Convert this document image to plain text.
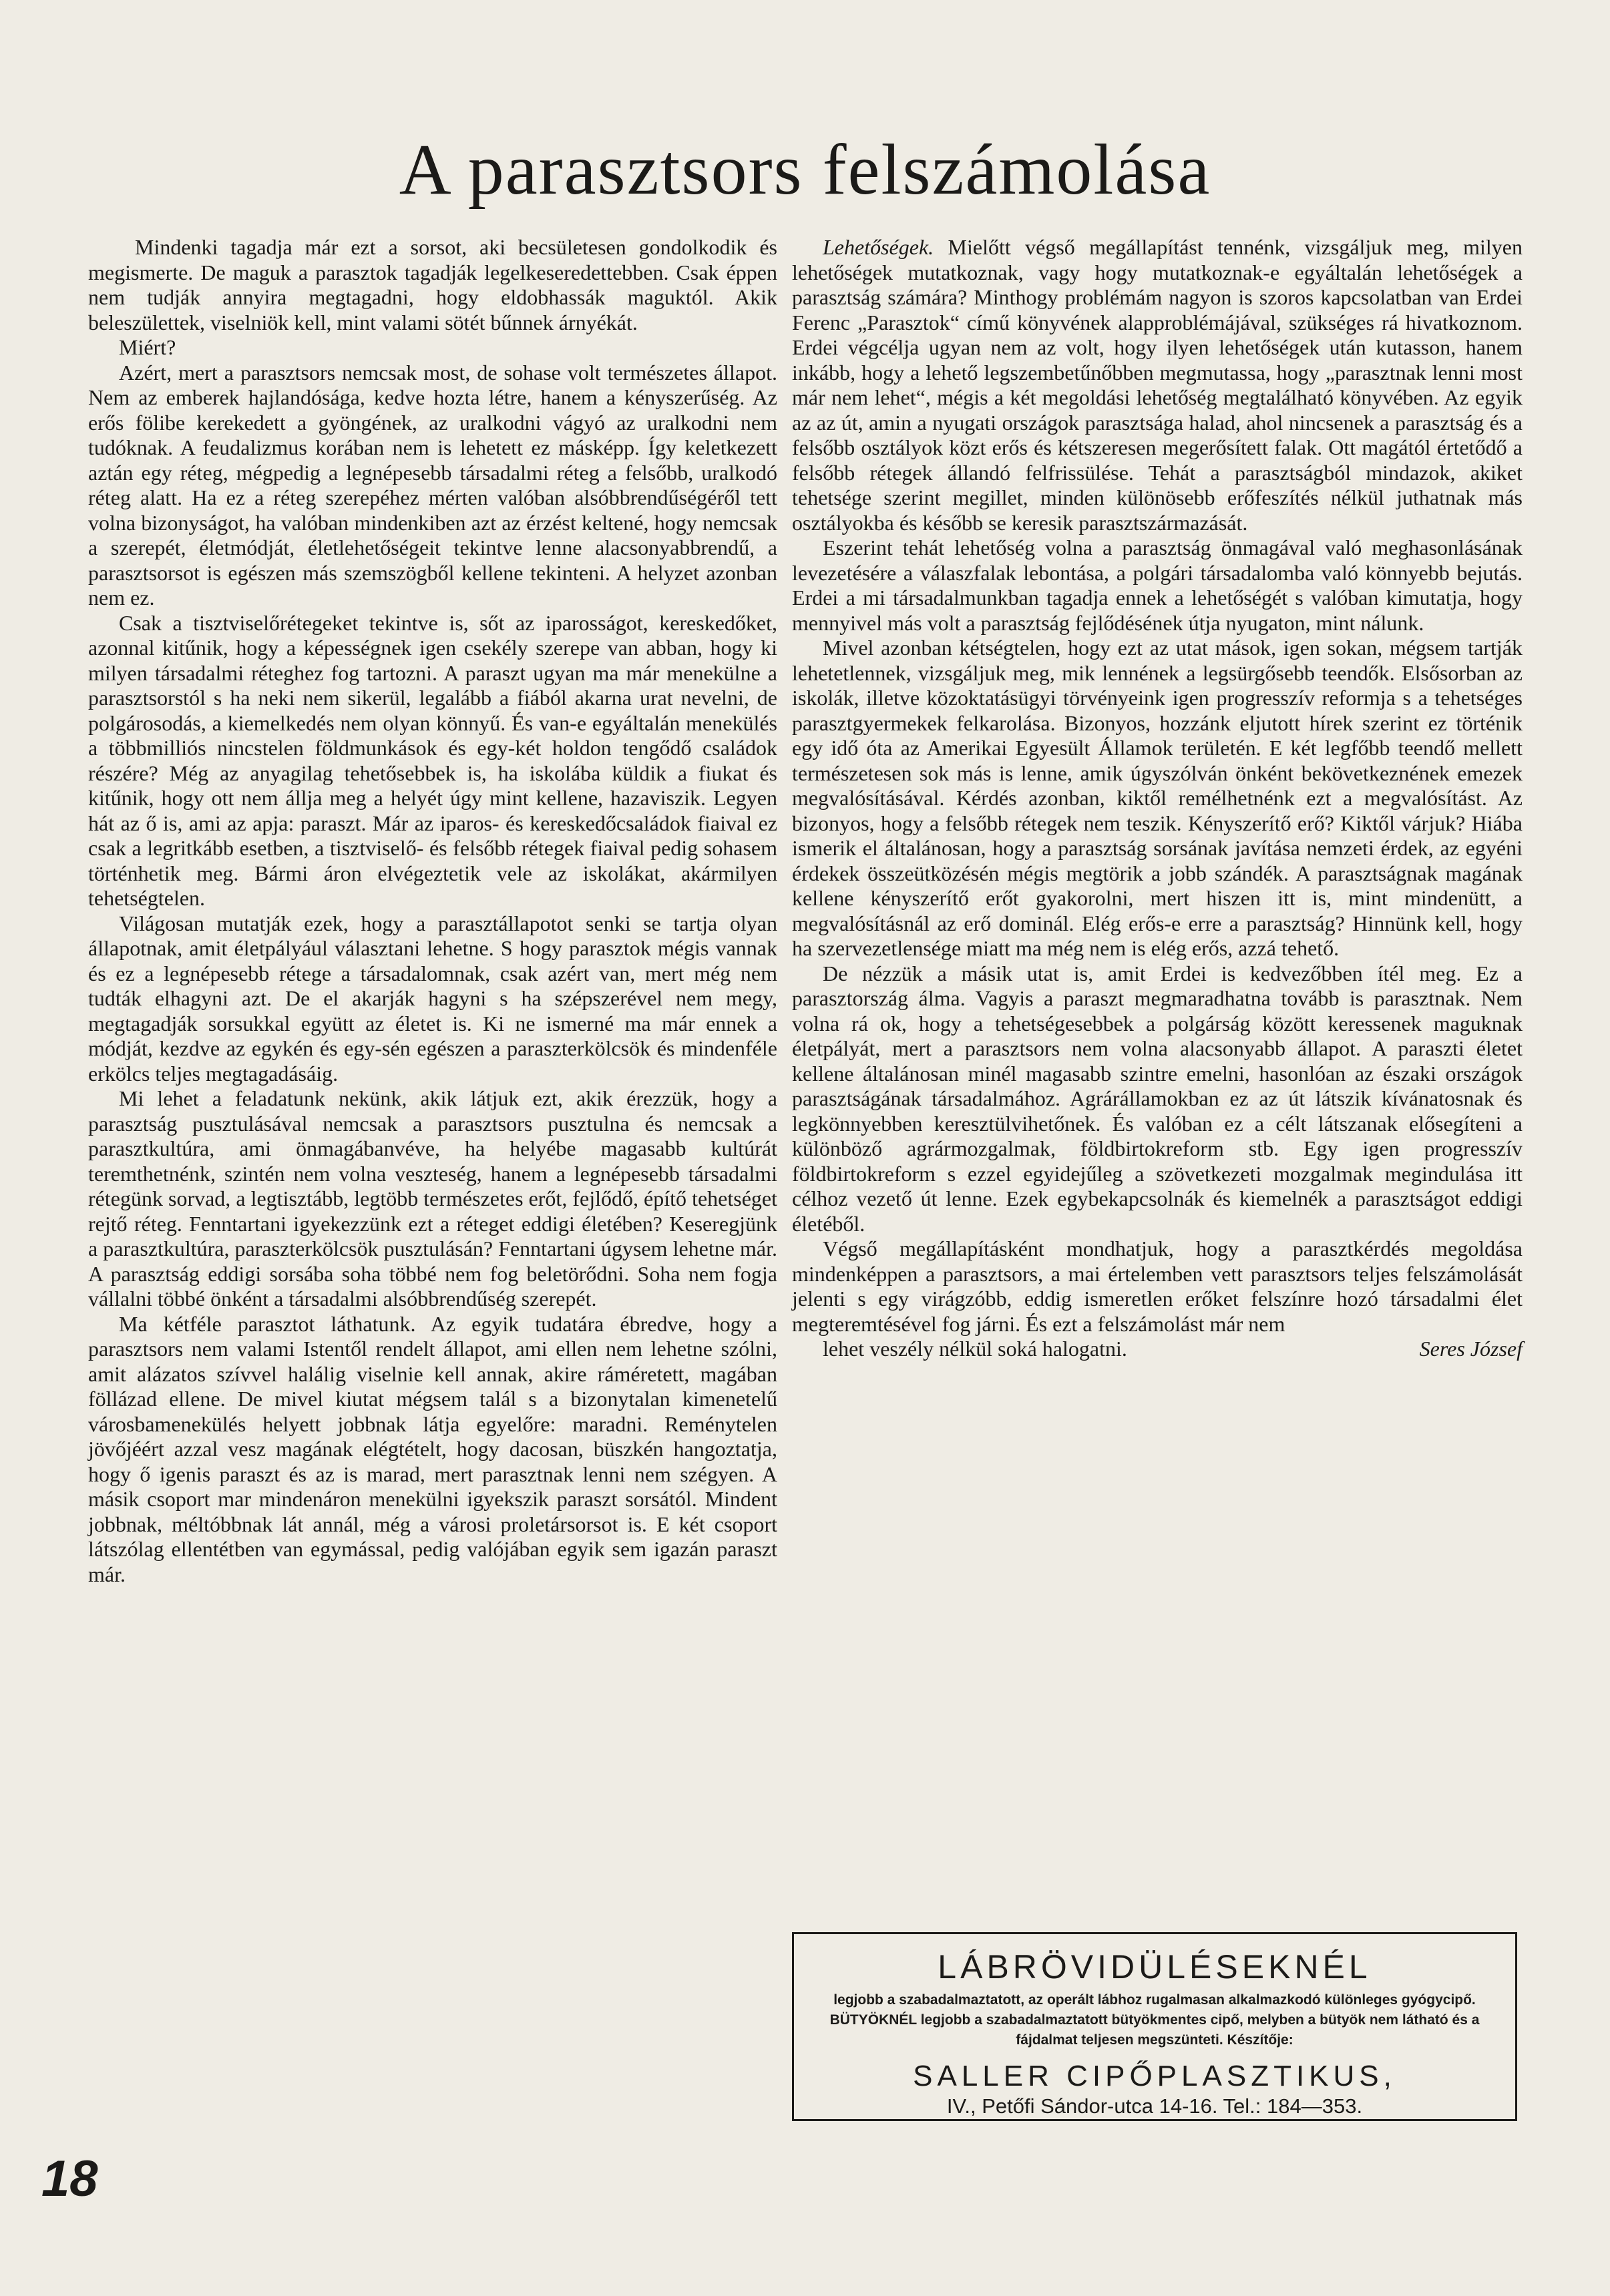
A parasztsors felszámolása

Mindenki tagadja már ezt a sorsot, aki becsületesen gondolkodik és megismerte. De maguk a parasztok tagadják legelkeseredettebben. Csak éppen nem tudják annyira megtagadni, hogy eldobhassák maguktól. Akik beleszülettek, viselniök kell, mint valami sötét bűnnek árnyékát.

Miért?

Azért, mert a parasztsors nemcsak most, de sohase volt természetes állapot. Nem az emberek hajlandósága, kedve hozta létre, hanem a kényszerűség. Az erős fölibe kerekedett a gyöngének, az uralkodni vágyó az uralkodni nem tudóknak. A feudalizmus korában nem is lehetett ez másképp. Így keletkezett aztán egy réteg, mégpedig a legnépesebb társadalmi réteg a felsőbb, uralkodó réteg alatt. Ha ez a réteg szerepéhez mérten valóban alsóbbrendűségéről tett volna bizonyságot, ha valóban mindenkiben azt az érzést keltené, hogy nemcsak a szerepét, életmódját, életlehetőségeit tekintve lenne alacsonyabbrendű, a parasztsorsot is egészen más szemszögből kellene tekinteni. A helyzet azonban nem ez.

Csak a tisztviselőrétegeket tekintve is, sőt az iparosságot, kereskedőket, azonnal kitűnik, hogy a képességnek igen csekély szerepe van abban, hogy ki milyen társadalmi réteghez fog tartozni. A paraszt ugyan ma már menekülne a parasztsorstól s ha neki nem sikerül, legalább a fiából akarna urat nevelni, de polgárosodás, a kiemelkedés nem olyan könnyű. És van-e egyáltalán menekülés a többmilliós nincstelen földmunkások és egy-két holdon tengődő családok részére? Még az anyagilag tehetősebbek is, ha iskolába küldik a fiukat és kitűnik, hogy ott nem állja meg a helyét úgy mint kellene, hazaviszik. Legyen hát az ő is, ami az apja: paraszt. Már az iparos- és kereskedőcsaládok fiaival ez csak a legritkább esetben, a tisztviselő- és felsőbb rétegek fiaival pedig sohasem történhetik meg. Bármi áron elvégeztetik vele az iskolákat, akármilyen tehetségtelen.

Világosan mutatják ezek, hogy a parasztállapotot senki se tartja olyan állapotnak, amit életpályául választani lehetne. S hogy parasztok mégis vannak és ez a legnépesebb rétege a társadalomnak, csak azért van, mert még nem tudták elhagyni azt. De el akarják hagyni s ha szépszerével nem megy, megtagadják sorsukkal együtt az életet is. Ki ne ismerné ma már ennek a módját, kezdve az egykén és egy-sén egészen a paraszterkölcsök és mindenféle erkölcs teljes megtagadásáig.

Mi lehet a feladatunk nekünk, akik látjuk ezt, akik érezzük, hogy a parasztság pusztulásával nemcsak a parasztsors pusztulna és nemcsak a parasztkultúra, ami önmagábanvéve, ha helyébe magasabb kultúrát teremthetnénk, szintén nem volna veszteség, hanem a legnépesebb társadalmi rétegünk sorvad, a legtisztább, legtöbb természetes erőt, fejlődő, építő tehetséget rejtő réteg. Fenntartani igyekezzünk ezt a réteget eddigi életében? Keseregjünk a parasztkultúra, paraszterkölcsök pusztulásán? Fenntartani úgysem lehetne már. A parasztság eddigi sorsába soha többé nem fog beletörődni. Soha nem fogja vállalni többé önként a társadalmi alsóbbrendűség szerepét.

Ma kétféle parasztot láthatunk. Az egyik tudatára ébredve, hogy a parasztsors nem valami Istentől rendelt állapot, ami ellen nem lehetne szólni, amit alázatos szívvel halálig viselnie kell annak, akire ráméretett, magában föllázad ellene. De mivel kiutat mégsem talál s a bizonytalan kimenetelű városbamenekülés helyett jobbnak látja egyelőre: maradni. Reménytelen jövőjéért azzal vesz magának elégtételt, hogy dacosan, büszkén hangoztatja, hogy ő igenis paraszt és az is marad, mert parasztnak lenni nem szégyen. A másik csoport mar mindenáron menekülni igyekszik paraszt sorsától. Mindent jobbnak, méltóbbnak lát annál, még a városi proletársorsot is. E két csoport látszólag ellentétben van egymással, pedig valójában egyik sem igazán paraszt már.

Lehetőségek. Mielőtt végső megállapítást tennénk, vizsgáljuk meg, milyen lehetőségek mutatkoznak, vagy hogy mutatkoznak-e egyáltalán lehetőségek a parasztság számára? Minthogy problémám nagyon is szoros kapcsolatban van Erdei Ferenc „Parasztok“ című könyvének alapproblémájával, szükséges rá hivatkoznom. Erdei végcélja ugyan nem az volt, hogy ilyen lehetőségek után kutasson, hanem inkább, hogy a lehető legszembetűnőbben megmutassa, hogy „parasztnak lenni most már nem lehet“, mégis a két megoldási lehetőség megtalálható könyvében. Az egyik az az út, amin a nyugati országok parasztsága halad, ahol nincsenek a parasztság és a felsőbb osztályok közt erős és kétszeresen megerősített falak. Ott magától értetődő a felsőbb rétegek állandó felfrissülése. Tehát a parasztságból mindazok, akiket tehetsége szerint megillet, minden különösebb erőfeszítés nélkül juthatnak más osztályokba és később se keresik parasztszármazását.

Eszerint tehát lehetőség volna a parasztság önmagával való meghasonlásának levezetésére a válaszfalak lebontása, a polgári társadalomba való könnyebb bejutás. Erdei a mi társadalmunkban tagadja ennek a lehetőségét s valóban kimutatja, hogy mennyivel más volt a parasztság fejlődésének útja nyugaton, mint nálunk.

Mivel azonban kétségtelen, hogy ezt az utat mások, igen sokan, mégsem tartják lehetetlennek, vizsgáljuk meg, mik lennének a legsürgősebb teendők. Elsősorban az iskolák, illetve közoktatásügyi törvényeink igen progresszív reformja s a tehetséges parasztgyermekek felkarolása. Bizonyos, hozzánk eljutott hírek szerint ez történik egy idő óta az Amerikai Egyesült Államok területén. E két legfőbb teendő mellett természetesen sok más is lenne, amik úgyszólván önként bekövetkeznének emezek megvalósításával. Kérdés azonban, kiktől remélhetnénk ezt a megvalósítást. Az bizonyos, hogy a felsőbb rétegek nem teszik. Kényszerítő erő? Kiktől várjuk? Hiába ismerik el általánosan, hogy a parasztság sorsának javítása nemzeti érdek, az egyéni érdekek összeütközésén mégis megtörik a jobb szándék. A parasztságnak magának kellene kényszerítő erőt gyakorolni, mert hiszen itt is, mint mindenütt, a megvalósításnál az erő dominál. Elég erős-e erre a parasztság? Hinnünk kell, hogy ha szervezetlensége miatt ma még nem is elég erős, azzá tehető.

De nézzük a másik utat is, amit Erdei is kedvezőbben ítél meg. Ez a parasztország álma. Vagyis a paraszt megmaradhatna tovább is parasztnak. Nem volna rá ok, hogy a tehetségesebbek a polgárság között keressenek maguknak életpályát, mert a parasztsors nem volna alacsonyabb állapot. A paraszti életet kellene általánosan minél magasabb szintre emelni, hasonlóan az északi országok parasztságának társadalmához. Agrárállamokban ez az út látszik kívánatosnak és legkönnyebben keresztülvihetőnek. És valóban ez a célt látszanak elősegíteni a különböző agrármozgalmak, földbirtokreform stb. Egy igen progresszív földbirtokreform s ezzel egyidejűleg a szövetkezeti mozgalmak megindulása itt célhoz vezető út lenne. Ezek egybekapcsolnák és kiemelnék a parasztságot eddigi életéből.

Végső megállapításként mondhatjuk, hogy a parasztkérdés megoldása mindenképpen a parasztsors, a mai értelemben vett parasztsors teljes felszámolását jelenti s egy virágzóbb, eddig ismeretlen erőket felszínre hozó társadalmi élet megteremtésével fog járni. És ezt a felszámolást már nem

lehet veszély nélkül soká halogatni.	Seres József

LÁBRÖVIDÜLÉSEKNÉL
legjobb a szabadalmaztatott, az operált lábhoz rugalmasan alkalmazkodó különleges gyógycipő. BÜTYÖKNÉL legjobb a szabadalmaztatott bütyökmentes cipő, melyben a bütyök nem látható és a fájdalmat teljesen megszünteti. Készítője:
SALLER CIPŐPLASZTIKUS,
IV., Petőfi Sándor-utca 14-16. Tel.: 184—353.
18
